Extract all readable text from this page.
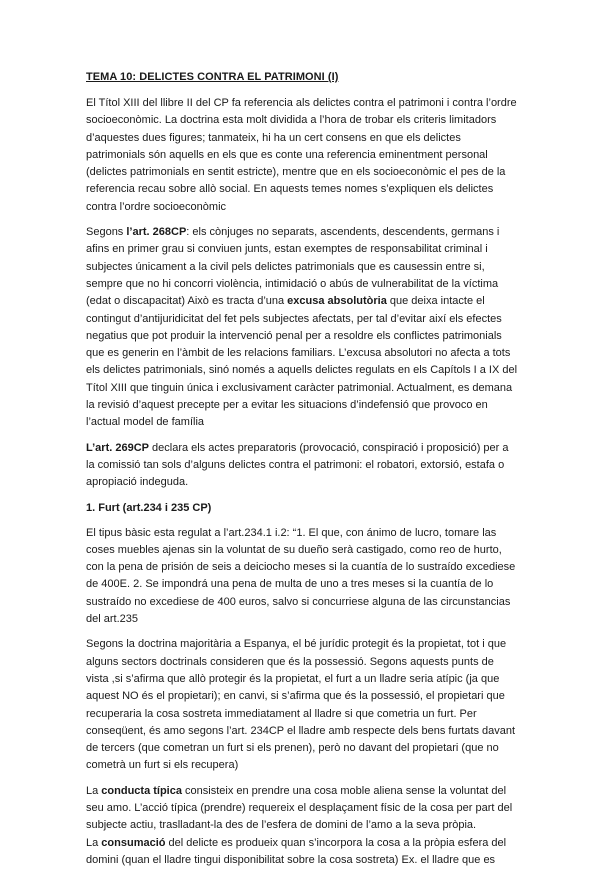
TEMA 10: DELICTES CONTRA EL PATRIMONI (I)

El Títol XIII del llibre II del CP fa referencia als delictes contra el patrimoni i contra l’ordre socioeconòmic. La doctrina esta molt dividida a l’hora de trobar els criteris limitadors d’aquestes dues figures; tanmateix, hi ha un cert consens en que els delictes patrimonials són aquells en els que es conte una referencia eminentment personal (delictes patrimonials en sentit estricte), mentre que en els socioeconòmic el pes de la referencia recau sobre allò social. En aquests temes nomes s’expliquen els delictes contra l’ordre socioeconòmic

Segons l’art. 268CP: els cònjuges no separats, ascendents, descendents, germans i afins en primer grau si conviuen junts, estan exemptes de responsabilitat criminal i subjectes únicament a la civil pels delictes patrimonials que es causessin entre si, sempre que no hi concorri violència, intimidació o abús de vulnerabilitat de la víctima (edat o discapacitat) Això es tracta d’una excusa absolutòria que deixa intacte el contingut d’antijuridicitat del fet pels subjectes afectats, per tal d’evitar així els efectes negatius que pot produir la intervenció penal per a resoldre els conflictes patrimonials que es generin en l’àmbit de les relacions familiars. L’excusa absolutori no afecta a tots els delictes patrimonials, sinó només a aquells delictes regulats en els Capítols I a IX del Títol XIII que tinguin única i exclusivament caràcter patrimonial. Actualment, es demana la revisió d’aquest precepte per a evitar les situacions d’indefensió que provoco en l’actual model de família

L’art. 269CP declara els actes preparatoris (provocació, conspiració i proposició) per a la comissió tan sols d’alguns delictes contra el patrimoni: el robatori, extorsió, estafa o apropiació indeguda.

1. Furt (art.234 i 235 CP)

El tipus bàsic esta regulat a l’art.234.1 i.2: “1. El que, con ánimo de lucro, tomare las coses muebles ajenas sin la voluntat de su dueño serà castigado, como reo de hurto, con la pena de prisión de seis a deiciocho meses si la cuantía de lo sustraído excediese de 400E. 2. Se impondrá una pena de multa de uno a tres meses si la cuantía de lo sustraído no excediese de 400 euros, salvo si concurriese alguna de las circunstancias del art.235

Segons la doctrina majoritària a Espanya, el bé jurídic protegit és la propietat, tot i que alguns sectors doctrinals consideren que és la possessió. Segons aquests punts de vista ,si s’afirma que allò protegir és la propietat, el furt a un lladre seria atípic (ja que aquest NO és el propietari); en canvi, si s’afirma que és la possessió, el propietari que recuperaria la cosa sostreta immediatament al lladre si que cometria un furt. Per conseqüent, és amo segons l’art. 234CP el lladre amb respecte dels bens furtats davant de tercers (que cometran un furt si els prenen), però no davant del propietari (que no cometrà un furt si els recupera)

La conducta típica consisteix en prendre una cosa moble aliena sense la voluntat del seu amo. L’acció típica (prendre) requereix el desplaçament físic de la cosa per part del subjecte actiu, traslladant-la des de l’esfera de domini de l’amo a la seva pròpia.

La consumació del delicte es produeix quan s’incorpora la cosa a la pròpia esfera del domini (quan el lladre tingui disponibilitat sobre la cosa sostreta) Ex. el lladre que es
